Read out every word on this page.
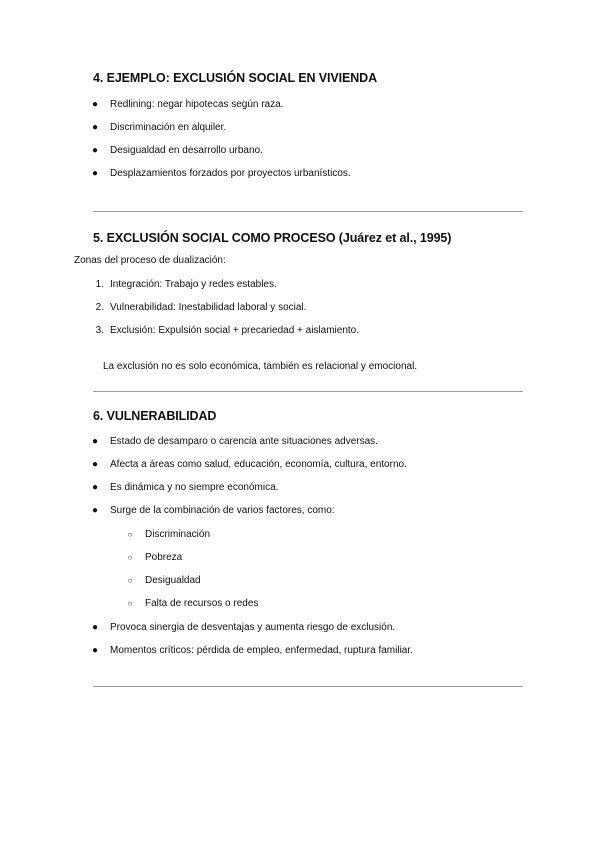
4. EJEMPLO: EXCLUSIÓN SOCIAL EN VIVIENDA
● Redlining: negar hipotecas según raza.
● Discriminación en alquiler.
● Desigualdad en desarrollo urbano.
● Desplazamientos forzados por proyectos urbanísticos.
5. EXCLUSIÓN SOCIAL COMO PROCESO (Juárez et al., 1995)
Zonas del proceso de dualización:
1. Integración: Trabajo y redes estables.
2. Vulnerabilidad: Inestabilidad laboral y social.
3. Exclusión: Expulsión social + precariedad + aislamiento.
La exclusión no es solo económica, también es relacional y emocional.
6. VULNERABILIDAD
● Estado de desamparo o carencia ante situaciones adversas.
● Afecta a áreas como salud, educación, economía, cultura, entorno.
● Es dinámica y no siempre económica.
● Surge de la combinación de varios factores, como:
○ Discriminación
○ Pobreza
○ Desigualdad
○ Falta de recursos o redes
● Provoca sinergia de desventajas y aumenta riesgo de exclusión.
● Momentos críticos: pérdida de empleo, enfermedad, ruptura familiar.
